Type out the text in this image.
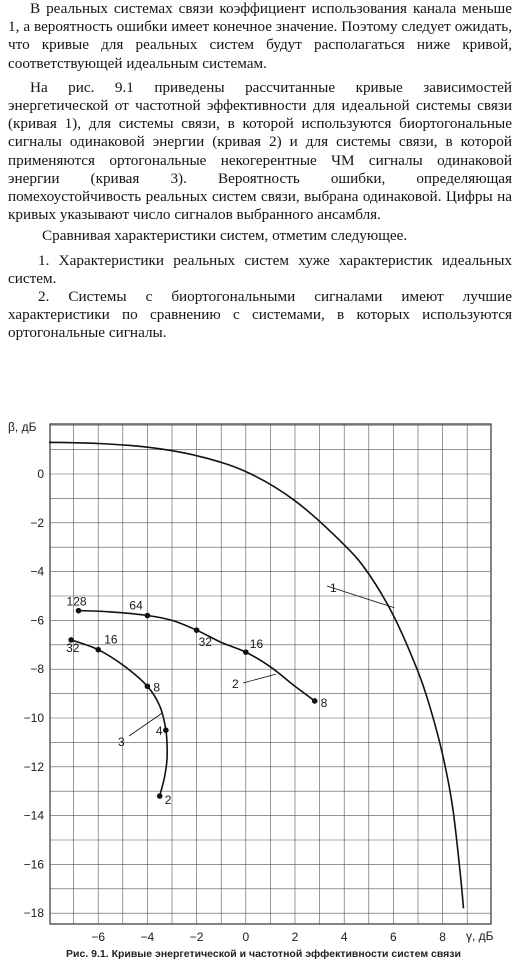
В реальных системах связи коэффициент использования канала меньше 1, а вероятность ошибки имеет конечное значение. Поэтому следует ожидать, что кривые для реальных систем будут располагаться ниже кривой, соответствующей идеальным системам.

На рис. 9.1 приведены рассчитанные кривые зависимостей энергетической от частотной эффективности для идеальной системы связи (кривая 1), для системы связи, в которой используются биортогональные сигналы одинаковой энергии (кривая 2) и для системы связи, в которой применяются ортогональные некогерентные ЧМ сигналы одинаковой энергии (кривая 3). Вероятность ошибки, определяющая помехоустойчивость реальных систем связи, выбрана одинаковой. Цифры на кривых указывают число сигналов выбранного ансамбля.

Сравнивая характеристики систем, отметим следующее.

1. Характеристики реальных систем хуже характеристик идеальных систем.

2. Системы с биортогональными сигналами имеют лучшие характеристики по сравнению с системами, в которых используются ортогональные сигналы.

−6	−4	−2	0	2	4	6	8
0
−2
−4
−6
−8
−10
−12
−14
−16
−18
β, дБ
γ, дБ
128	64
32	16
8
32
16
8
4
2
1
2
3
Рис. 9.1. Кривые энергетической и частотной эффективности систем связи
